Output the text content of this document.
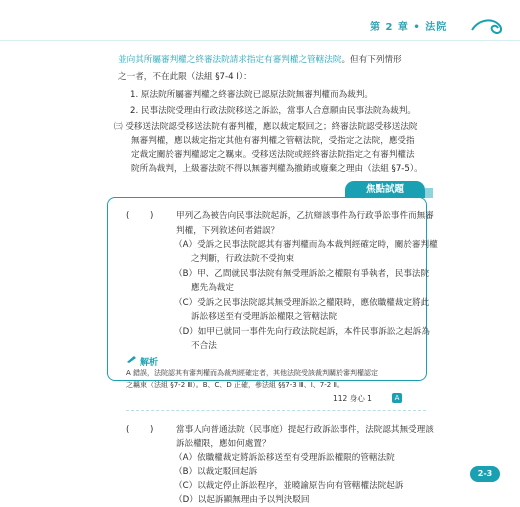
第 2 章 • 法院
並向其所屬審判權之終審法院請求指定有審判權之管轄法院。但有下列情形
之一者，不在此限（法組 §7-4 Ⅰ）：
1. 原法院所屬審判權之終審法院已認原法院無審判權而為裁判。
2. 民事法院受理由行政法院移送之訴訟，當事人合意願由民事法院為裁判。
㈢ 受移送法院認受移送法院有審判權，應以裁定駁回之；終審法院認受移送法院
無審判權，應以裁定指定其他有審判權之管轄法院，受指定之法院，應受指
定裁定關於審判權認定之羈束。受移送法院或經終審法院指定之有審判權法
院所為裁判，上級審法院不得以無審判權為撤銷或廢棄之理由（法組 §7-5）。
焦點試題
( )	甲列乙為被告向民事法院起訴，乙抗辯該事件為行政爭訟事件而無審
判權，下列敘述何者錯誤？
（A）受訴之民事法院認其有審判權而為本裁判經確定時，關於審判權
之判斷，行政法院不受拘束
（B）甲、乙間就民事法院有無受理訴訟之權限有爭執者，民事法院
應先為裁定
（C）受訴之民事法院認其無受理訴訟之權限時，應依職權裁定將此
訴訟移送至有受理訴訟權限之管轄法院
（D）如甲已就同一事件先向行政法院起訴，本件民事訴訟之起訴為
不合法
解析
A 錯誤，法院認其有審判權而為裁判經確定者，其他法院受該裁判關於審判權認定
之羈束（法組 §7-2 Ⅲ）。B、C、D 正確，參法組 §§7-3 Ⅲ、Ⅰ、7-2 Ⅱ。
112 身心 1	A
( )	當事人向普通法院（民事庭）提起行政訴訟事件，法院認其無受理該
訴訟權限，應如何處置？
（A）依職權裁定將訴訟移送至有受理訴訟權限的管轄法院
（B）以裁定駁回起訴
（C）以裁定停止訴訟程序，並曉諭原告向有管轄權法院起訴
（D）以起訴顯無理由予以判決駁回
2-3
